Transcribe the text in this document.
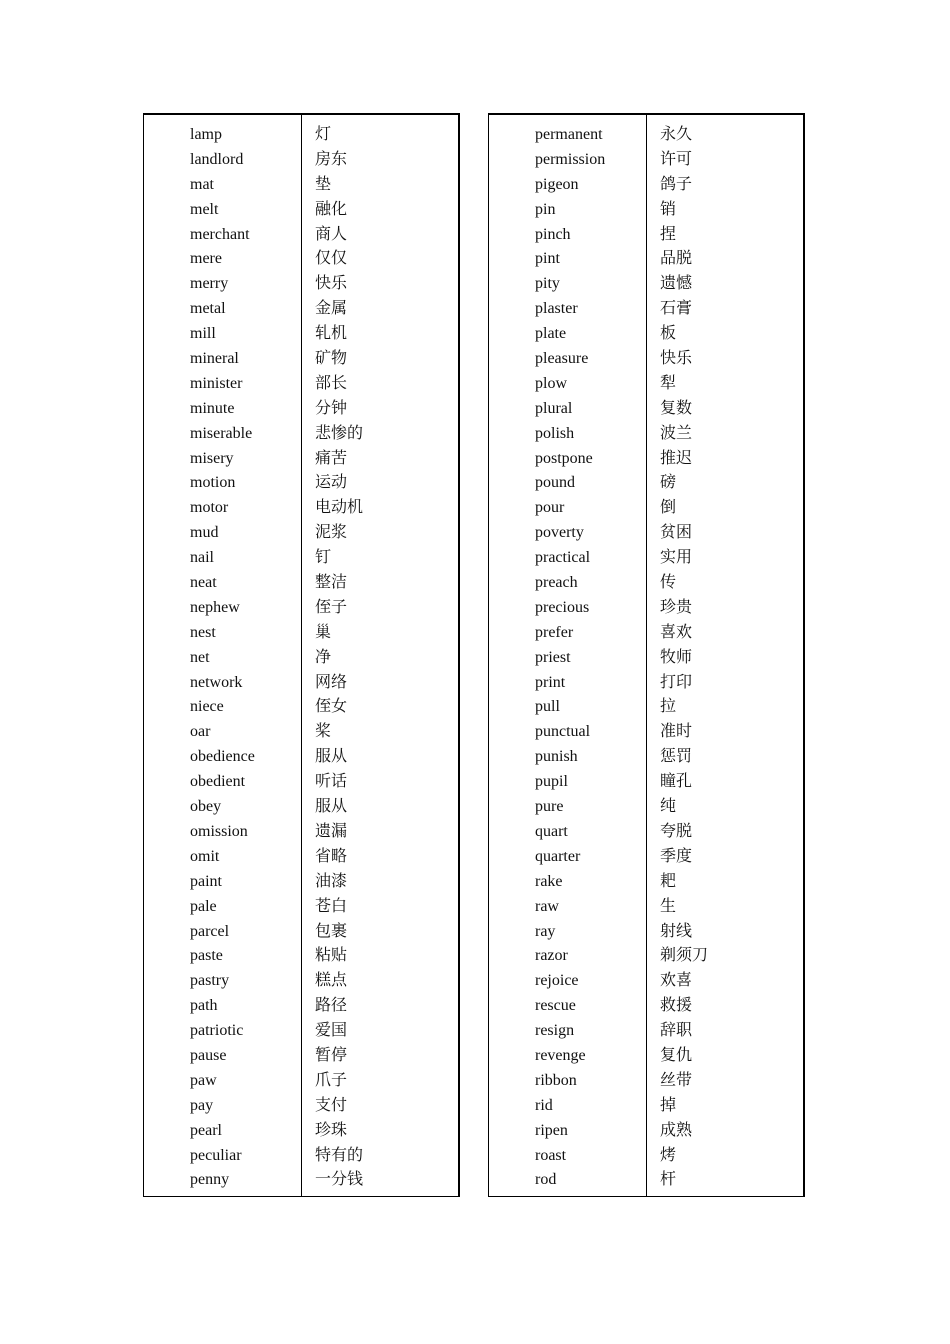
lamp	灯
landlord	房东
mat	垫
melt	融化
merchant	商人
mere	仅仅
merry	快乐
metal	金属
mill	轧机
mineral	矿物
minister	部长
minute	分钟
miserable	悲惨的
misery	痛苦
motion	运动
motor	电动机
mud	泥浆
nail	钉
neat	整洁
nephew	侄子
nest	巢
net	净
network	网络
niece	侄女
oar	桨
obedience	服从
obedient	听话
obey	服从
omission	遗漏
omit	省略
paint	油漆
pale	苍白
parcel	包裹
paste	粘贴
pastry	糕点
path	路径
patriotic	爱国
pause	暂停
paw	爪子
pay	支付
pearl	珍珠
peculiar	特有的
penny	一分钱
permanent	永久
permission	许可
pigeon	鸽子
pin	销
pinch	捏
pint	品脱
pity	遗憾
plaster	石膏
plate	板
pleasure	快乐
plow	犁
plural	复数
polish	波兰
postpone	推迟
pound	磅
pour	倒
poverty	贫困
practical	实用
preach	传
precious	珍贵
prefer	喜欢
priest	牧师
print	打印
pull	拉
punctual	准时
punish	惩罚
pupil	瞳孔
pure	纯
quart	夸脱
quarter	季度
rake	耙
raw	生
ray	射线
razor	剃须刀
rejoice	欢喜
rescue	救援
resign	辞职
revenge	复仇
ribbon	丝带
rid	掉
ripen	成熟
roast	烤
rod	杆
